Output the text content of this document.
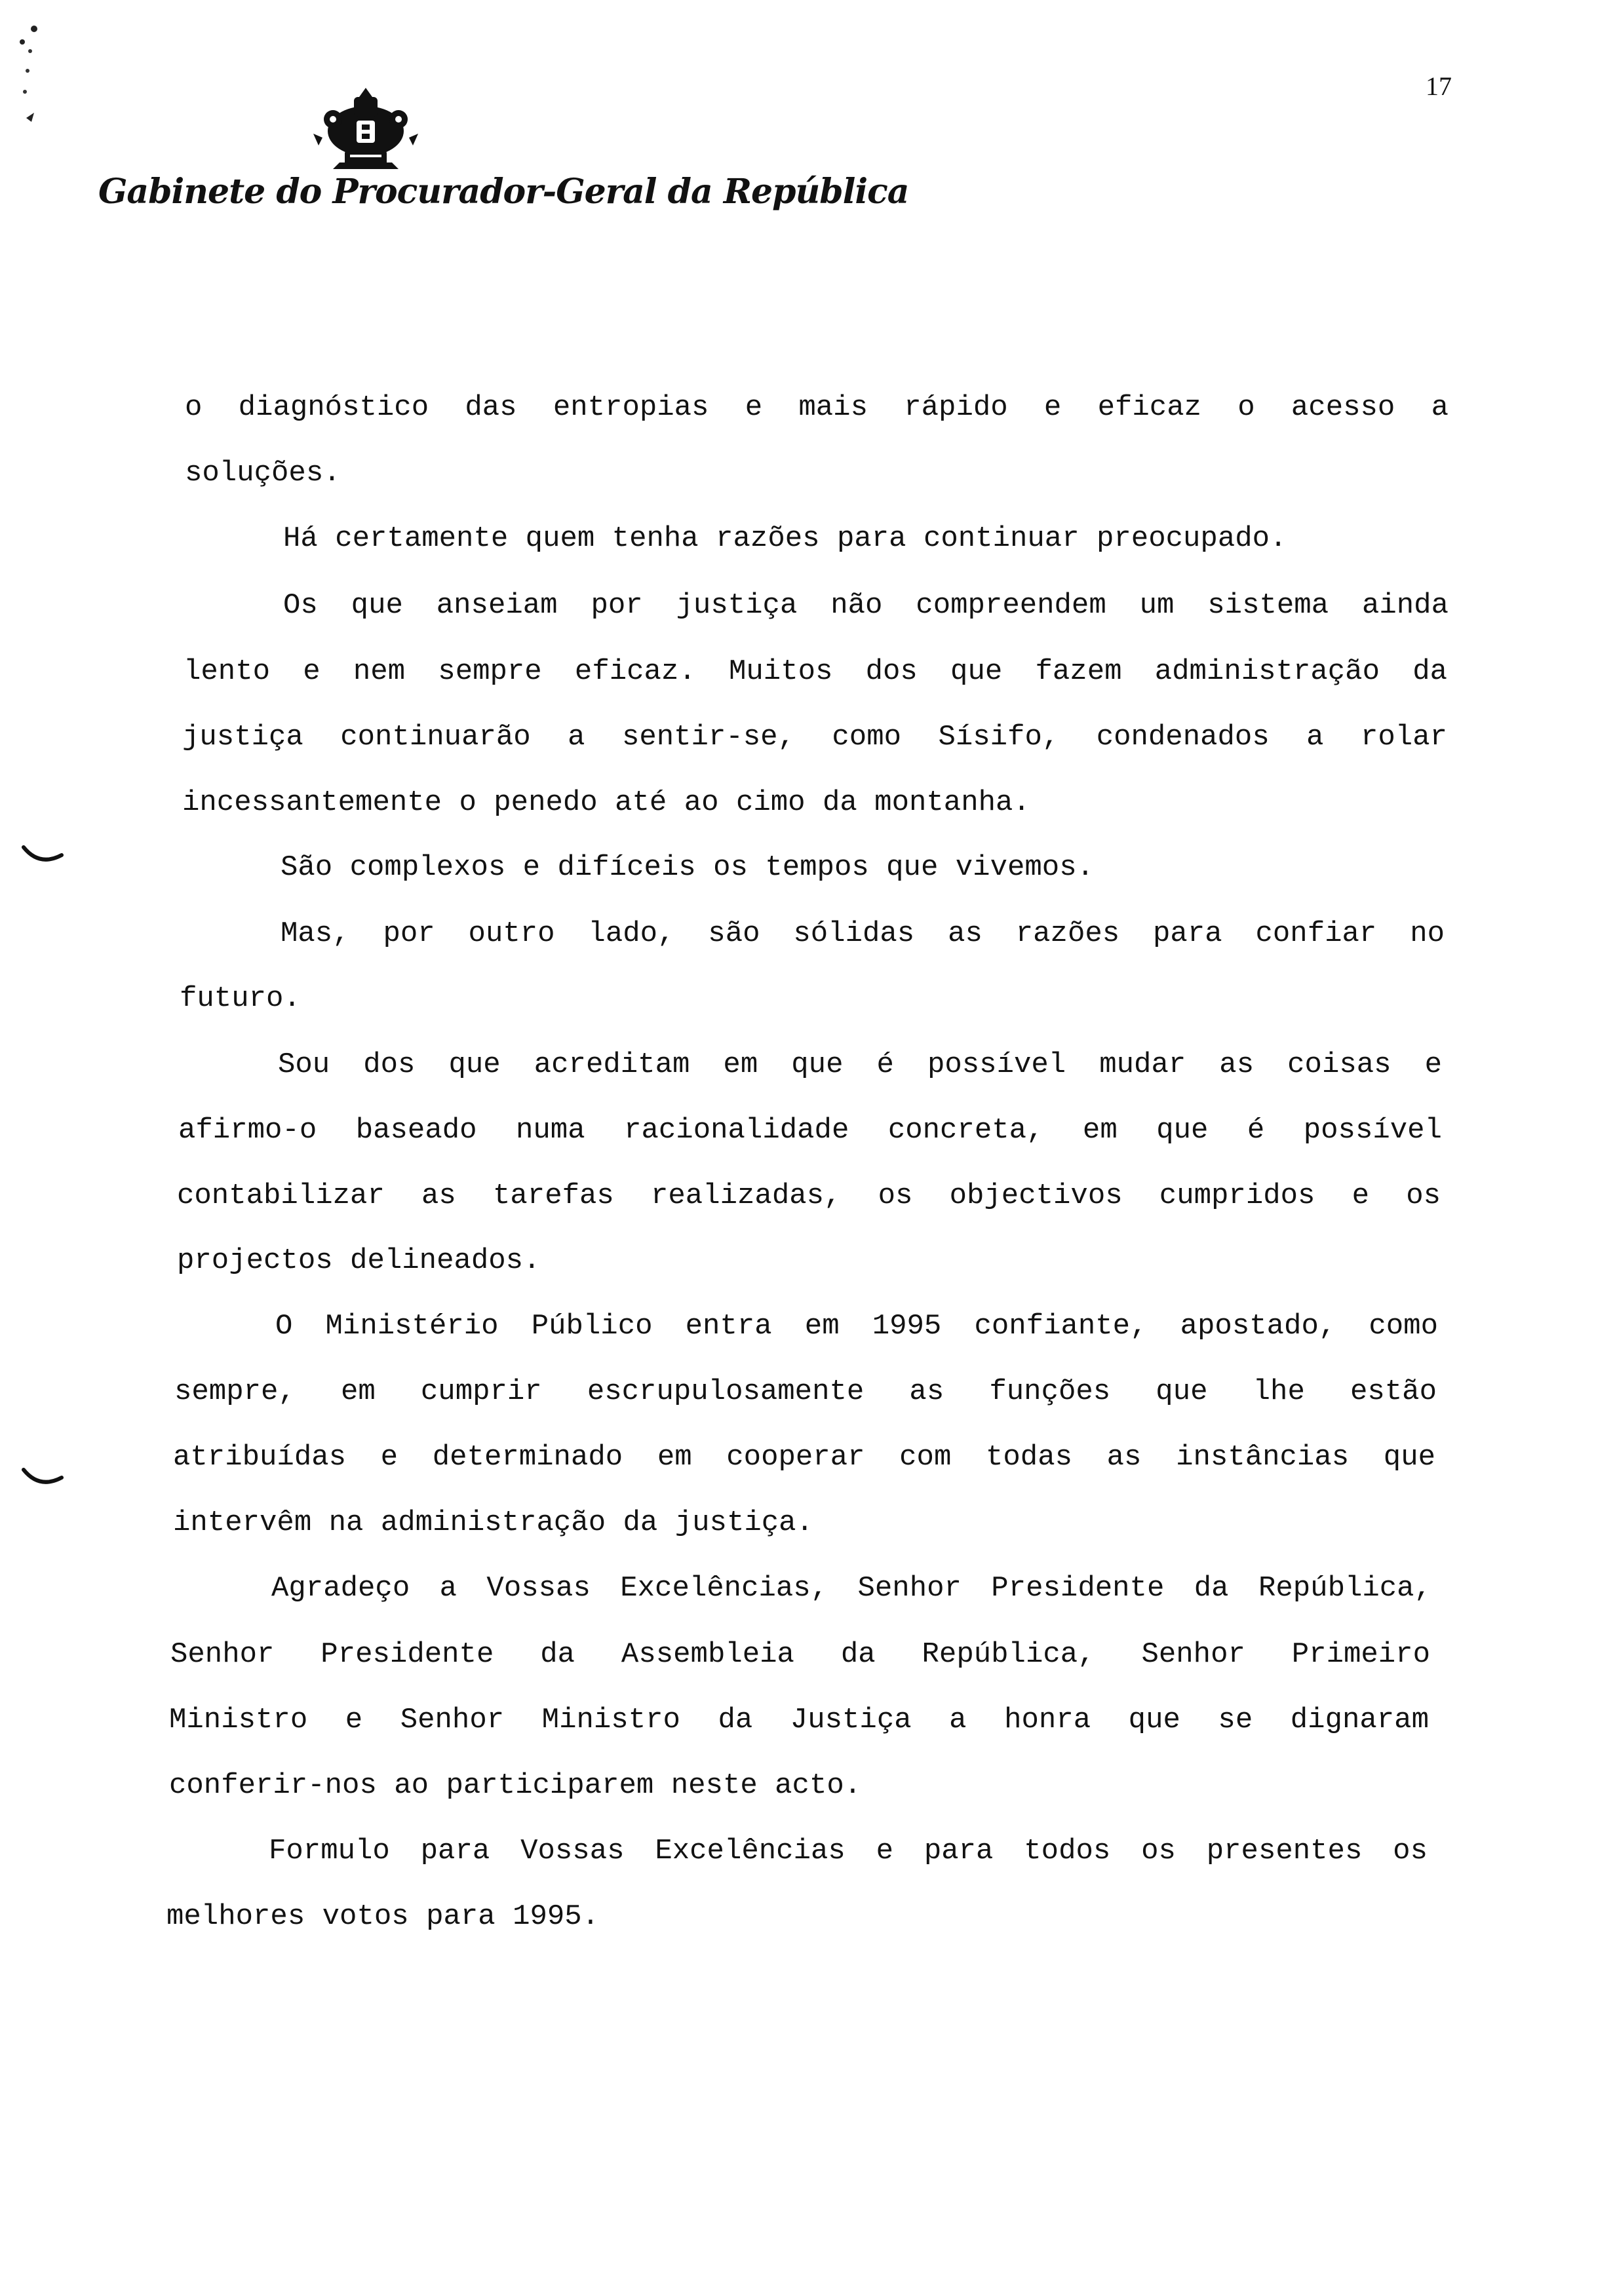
17
Gabinete do Procurador-Geral da República
o diagnóstico das entropias e mais rápido e eficaz o acesso a
soluções.
Há certamente quem tenha razões para continuar preocupado.
Os que anseiam por justiça não compreendem um sistema ainda
lento e nem sempre eficaz. Muitos dos que fazem administração da
justiça continuarão a sentir-se, como Sísifo, condenados a rolar
incessantemente o penedo até ao cimo da montanha.
São complexos e difíceis os tempos que vivemos.
Mas, por outro lado, são sólidas as razões para confiar no
futuro.
Sou dos que acreditam em que é possível mudar as coisas e
afirmo-o baseado numa racionalidade concreta, em que é possível
contabilizar as tarefas realizadas, os objectivos cumpridos e os
projectos delineados.
O Ministério Público entra em 1995 confiante, apostado, como
sempre, em cumprir escrupulosamente as funções que lhe estão
atribuídas e determinado em cooperar com todas as instâncias que
intervêm na administração da justiça.
Agradeço a Vossas Excelências, Senhor Presidente da República,
Senhor Presidente da Assembleia da República, Senhor Primeiro
Ministro e Senhor Ministro da Justiça a honra que se dignaram
conferir-nos ao participarem neste acto.
Formulo para Vossas Excelências e para todos os presentes os
melhores votos para 1995.
